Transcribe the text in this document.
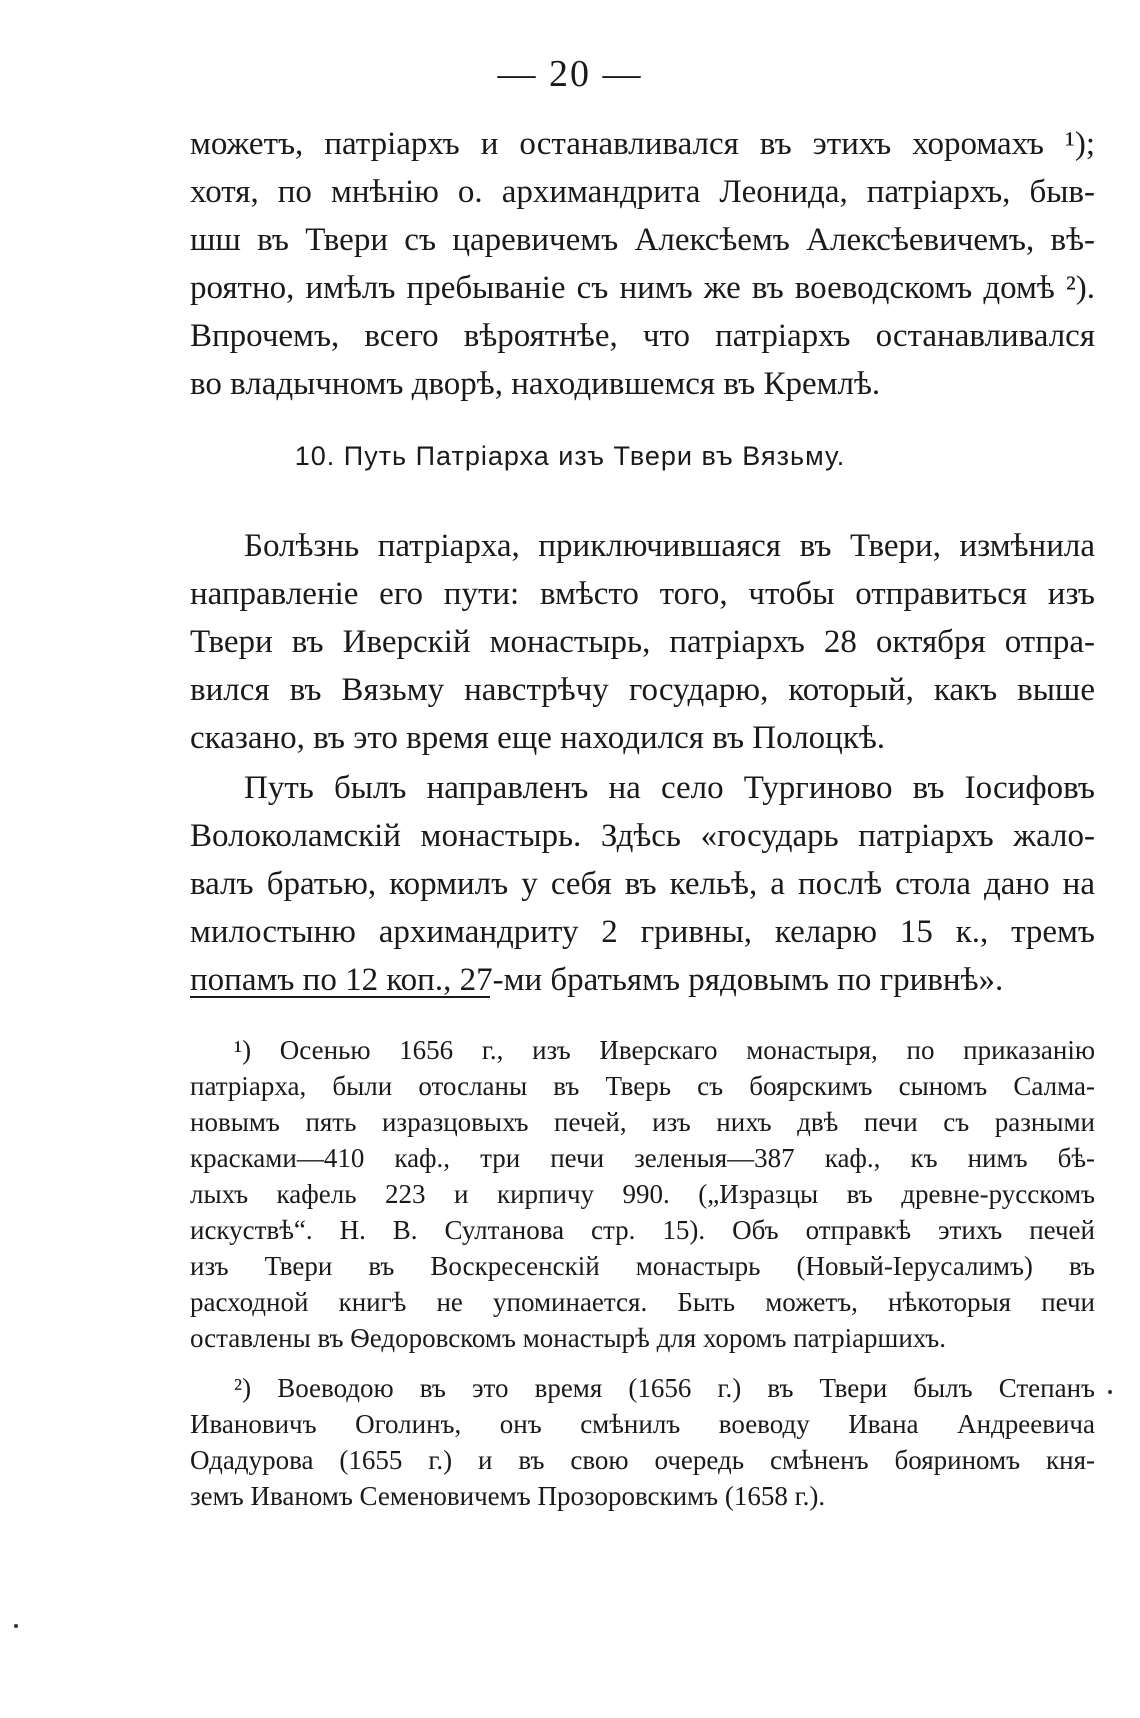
— 20 —
можетъ, патріархъ и останавливался въ этихъ хоромахъ ¹);
хотя, по мнѣнію о. архимандрита Леонида, патріархъ, быв-
шш въ Твери съ царевичемъ Алексѣемъ Алексѣевичемъ, вѣ-
роятно, имѣлъ пребываніе съ нимъ же въ воеводскомъ домѣ ²).
Впрочемъ, всего вѣроятнѣе, что патріархъ останавливался
во владычномъ дворѣ, находившемся въ Кремлѣ.
10. Путь Патріарха изъ Твери въ Вязьму.
Болѣзнь патріарха, приключившаяся въ Твери, измѣнила
направленіе его пути: вмѣсто того, чтобы отправиться изъ
Твери въ Иверскій монастырь, патріархъ 28 октября отпра-
вился въ Вязьму навстрѣчу государю, который, какъ выше
сказано, въ это время еще находился въ Полоцкѣ.
Путь былъ направленъ на село Тургиново въ Іосифовъ
Волоколамскій монастырь. Здѣсь «государь патріархъ жало-
валъ братью, кормилъ у себя въ кельѣ, а послѣ стола дано на
милостыню архимандриту 2 гривны, келарю 15 к., тремъ
попамъ по 12 коп., 27-ми братьямъ рядовымъ по гривнѣ».
¹) Осенью 1656 г., изъ Иверскаго монастыря, по приказанію
патріарха, были отосланы въ Тверь съ боярскимъ сыномъ Салма-
новымъ пять изразцовыхъ печей, изъ нихъ двѣ печи съ разными
красками—410 каф., три печи зеленыя—387 каф., къ нимъ бѣ-
лыхъ кафель 223 и кирпичу 990. („Изразцы въ древне-русскомъ
искуствѣ“. Н. В. Султанова стр. 15). Объ отправкѣ этихъ печей
изъ Твери въ Воскресенскій монастырь (Новый-Іерусалимъ) въ
расходной книгѣ не упоминается. Быть можетъ, нѣкоторыя печи
оставлены въ Ѳедоровскомъ монастырѣ для хоромъ патріаршихъ.
²) Воеводою въ это время (1656 г.) въ Твери былъ Степанъ
Ивановичъ Оголинъ, онъ смѣнилъ воеводу Ивана Андреевича
Одадурова (1655 г.) и въ свою очередь смѣненъ бояриномъ кня-
земъ Иваномъ Семеновичемъ Прозоровскимъ (1658 г.).
